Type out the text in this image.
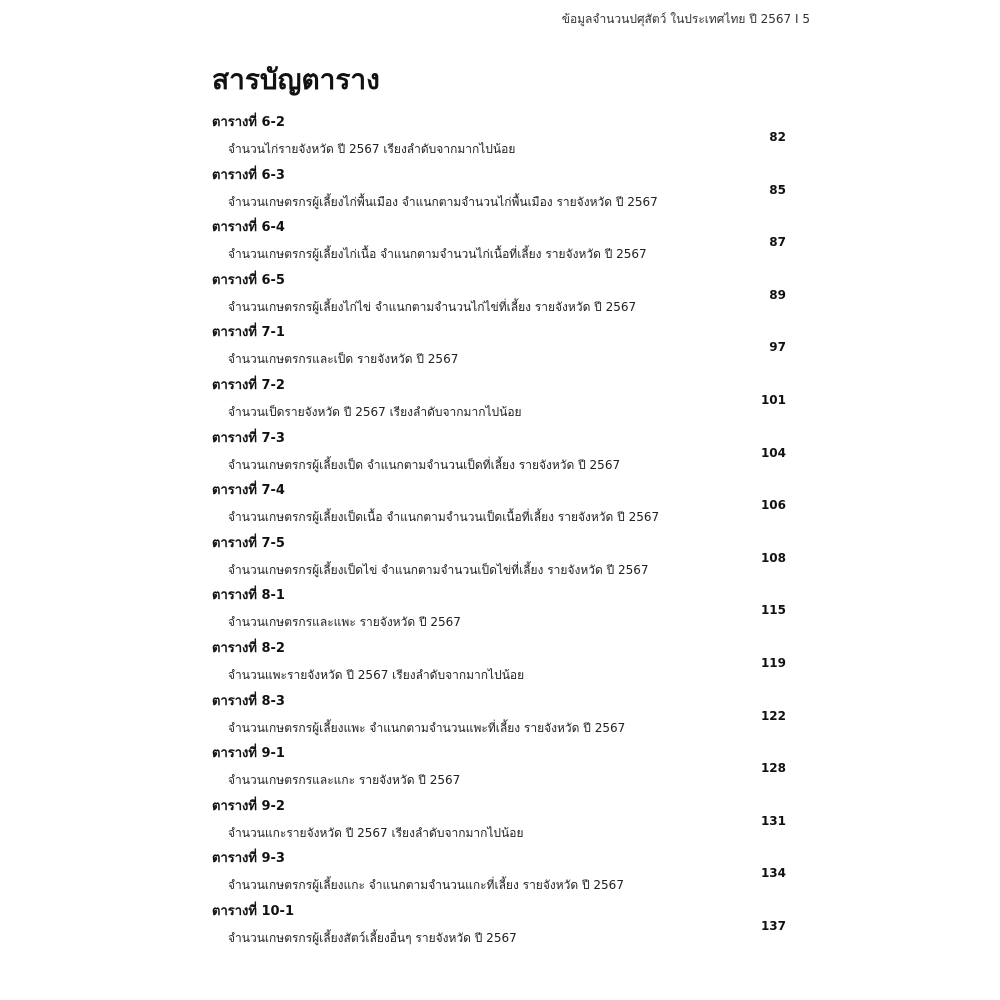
ข้อมูลจำนวนปศุสัตว์ ในประเทศไทย ปี 2567 I 5
สารบัญตาราง
ตารางที่ 6-2
จำนวนไก่รายจังหวัด ปี 2567 เรียงลำดับจากมากไปน้อย
82
ตารางที่ 6-3
จำนวนเกษตรกรผู้เลี้ยงไก่พื้นเมือง จำแนกตามจำนวนไก่พื้นเมือง รายจังหวัด ปี 2567
85
ตารางที่ 6-4
จำนวนเกษตรกรผู้เลี้ยงไก่เนื้อ จำแนกตามจำนวนไก่เนื้อที่เลี้ยง รายจังหวัด ปี 2567
87
ตารางที่ 6-5
จำนวนเกษตรกรผู้เลี้ยงไก่ไข่ จำแนกตามจำนวนไก่ไข่ที่เลี้ยง รายจังหวัด ปี 2567
89
ตารางที่ 7-1
จำนวนเกษตรกรและเป็ด รายจังหวัด ปี 2567
97
ตารางที่ 7-2
จำนวนเป็ดรายจังหวัด ปี 2567 เรียงลำดับจากมากไปน้อย
101
ตารางที่ 7-3
จำนวนเกษตรกรผู้เลี้ยงเป็ด จำแนกตามจำนวนเป็ดที่เลี้ยง รายจังหวัด ปี 2567
104
ตารางที่ 7-4
จำนวนเกษตรกรผู้เลี้ยงเป็ดเนื้อ จำแนกตามจำนวนเป็ดเนื้อที่เลี้ยง รายจังหวัด ปี 2567
106
ตารางที่ 7-5
จำนวนเกษตรกรผู้เลี้ยงเป็ดไข่ จำแนกตามจำนวนเป็ดไข่ที่เลี้ยง รายจังหวัด ปี 2567
108
ตารางที่ 8-1
จำนวนเกษตรกรและแพะ รายจังหวัด ปี 2567
115
ตารางที่ 8-2
จำนวนแพะรายจังหวัด ปี 2567 เรียงลำดับจากมากไปน้อย
119
ตารางที่ 8-3
จำนวนเกษตรกรผู้เลี้ยงแพะ จำแนกตามจำนวนแพะที่เลี้ยง รายจังหวัด ปี 2567
122
ตารางที่ 9-1
จำนวนเกษตรกรและแกะ รายจังหวัด ปี 2567
128
ตารางที่ 9-2
จำนวนแกะรายจังหวัด ปี 2567 เรียงลำดับจากมากไปน้อย
131
ตารางที่ 9-3
จำนวนเกษตรกรผู้เลี้ยงแกะ จำแนกตามจำนวนแกะที่เลี้ยง รายจังหวัด ปี 2567
134
ตารางที่ 10-1
จำนวนเกษตรกรผู้เลี้ยงสัตว์เลี้ยงอื่นๆ รายจังหวัด ปี 2567
137
